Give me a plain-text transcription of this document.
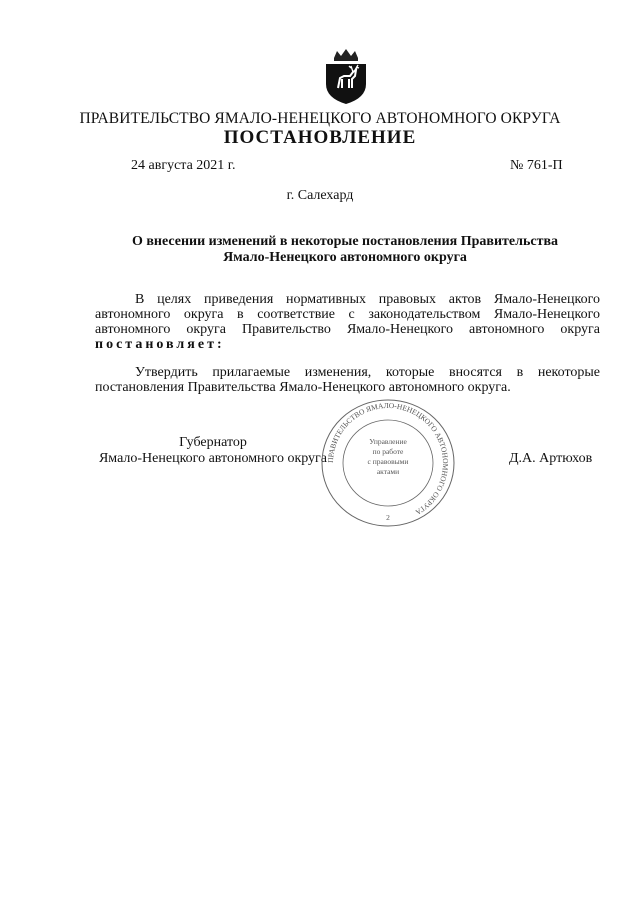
ПРАВИТЕЛЬСТВО ЯМАЛО-НЕНЕЦКОГО АВТОНОМНОГО ОКРУГА
ПОСТАНОВЛЕНИЕ
24 августа 2021 г.	№ 761-П
г. Салехард
О внесении изменений в некоторые постановления Правительства
Ямало-Ненецкого автономного округа
В целях приведения нормативных правовых актов Ямало-Ненецкого автономного округа в соответствие с законодательством Ямало-Ненецкого автономного округа Правительство Ямало-Ненецкого автономного округа постановляет:
Утвердить прилагаемые изменения, которые вносятся в некоторые постановления Правительства Ямало-Ненецкого автономного округа.
Губернатор
Ямало-Ненецкого автономного округа	Д.А. Артюхов
ПРАВИТЕЛЬСТВО ЯМАЛО-НЕНЕЦКОГО АВТОНОМНОГО ОКРУГА
Управление
по работе
с правовыми
актами
2
